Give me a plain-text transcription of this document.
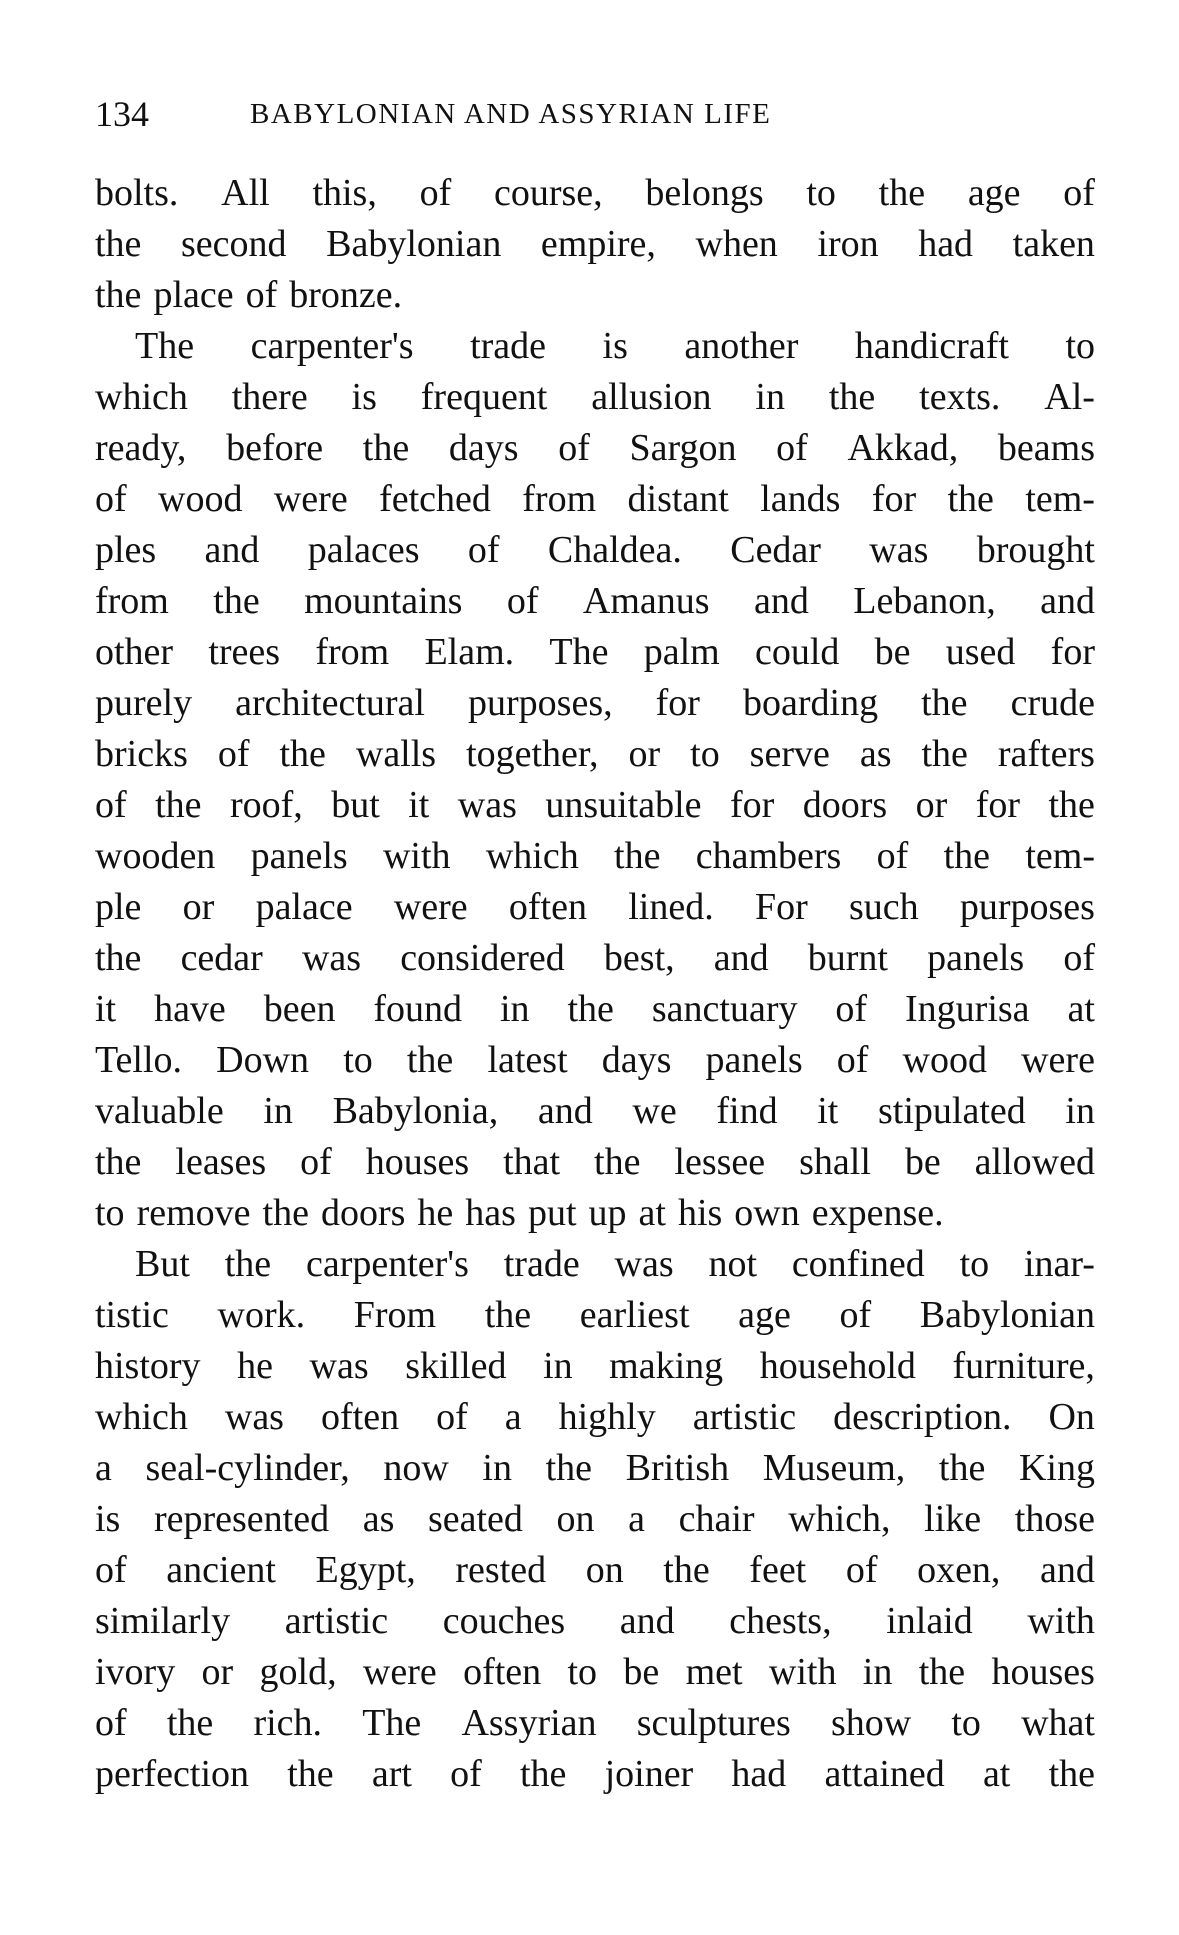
134	BABYLONIAN AND ASSYRIAN LIFE
bolts. All this, of course, belongs to the age of
the second Babylonian empire, when iron had taken
the place of bronze.
The carpenter's trade is another handicraft to
which there is frequent allusion in the texts. Al-
ready, before the days of Sargon of Akkad, beams
of wood were fetched from distant lands for the tem-
ples and palaces of Chaldea. Cedar was brought
from the mountains of Amanus and Lebanon, and
other trees from Elam. The palm could be used for
purely architectural purposes, for boarding the crude
bricks of the walls together, or to serve as the rafters
of the roof, but it was unsuitable for doors or for the
wooden panels with which the chambers of the tem-
ple or palace were often lined. For such purposes
the cedar was considered best, and burnt panels of
it have been found in the sanctuary of Ingurisa at
Tello. Down to the latest days panels of wood were
valuable in Babylonia, and we find it stipulated in
the leases of houses that the lessee shall be allowed
to remove the doors he has put up at his own expense.
But the carpenter's trade was not confined to inar-
tistic work. From the earliest age of Babylonian
history he was skilled in making household furniture,
which was often of a highly artistic description. On
a seal-cylinder, now in the British Museum, the King
is represented as seated on a chair which, like those
of ancient Egypt, rested on the feet of oxen, and
similarly artistic couches and chests, inlaid with
ivory or gold, were often to be met with in the houses
of the rich. The Assyrian sculptures show to what
perfection the art of the joiner had attained at the
